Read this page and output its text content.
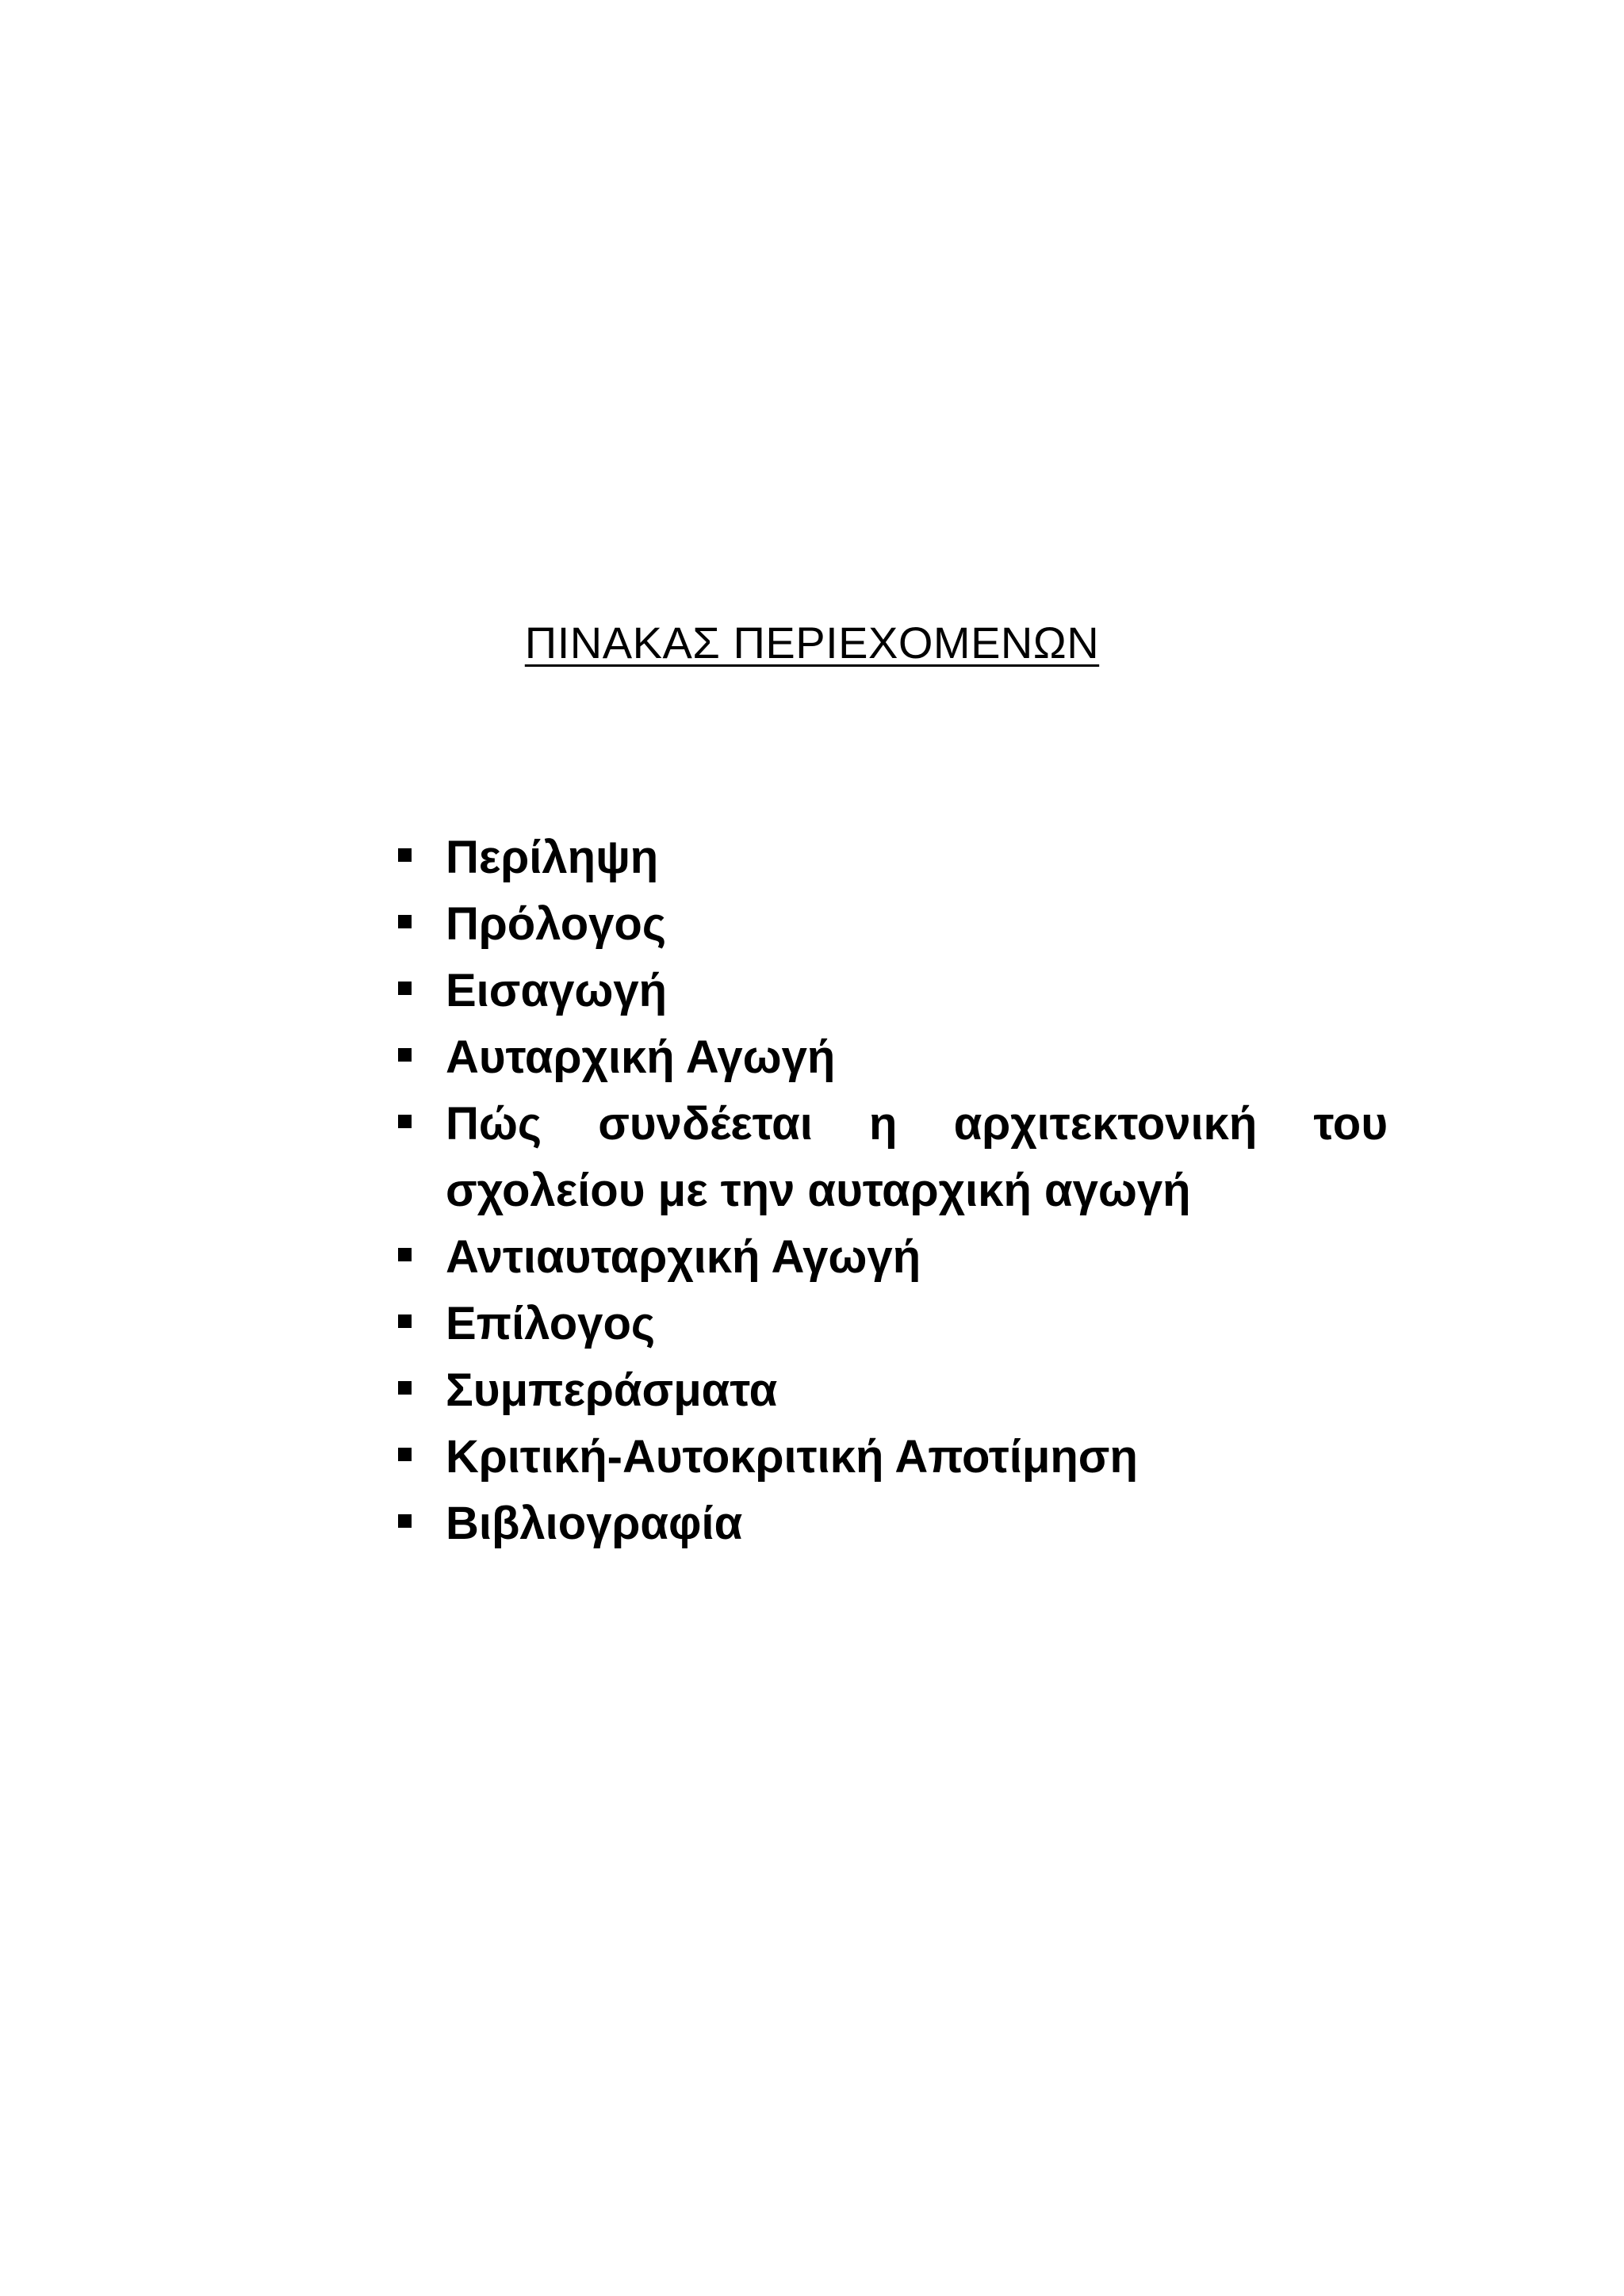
ΠΙΝΑΚΑΣ ΠΕΡΙΕΧΟΜΕΝΩΝ
Περίληψη
Πρόλογος
Εισαγωγή
Αυταρχική Αγωγή
Πώς συνδέεται η αρχιτεκτονική του σχολείου με την αυταρχική αγωγή
Αντιαυταρχική Αγωγή
Επίλογος
Συμπεράσματα
Κριτική-Αυτοκριτική Αποτίμηση
Βιβλιογραφία
